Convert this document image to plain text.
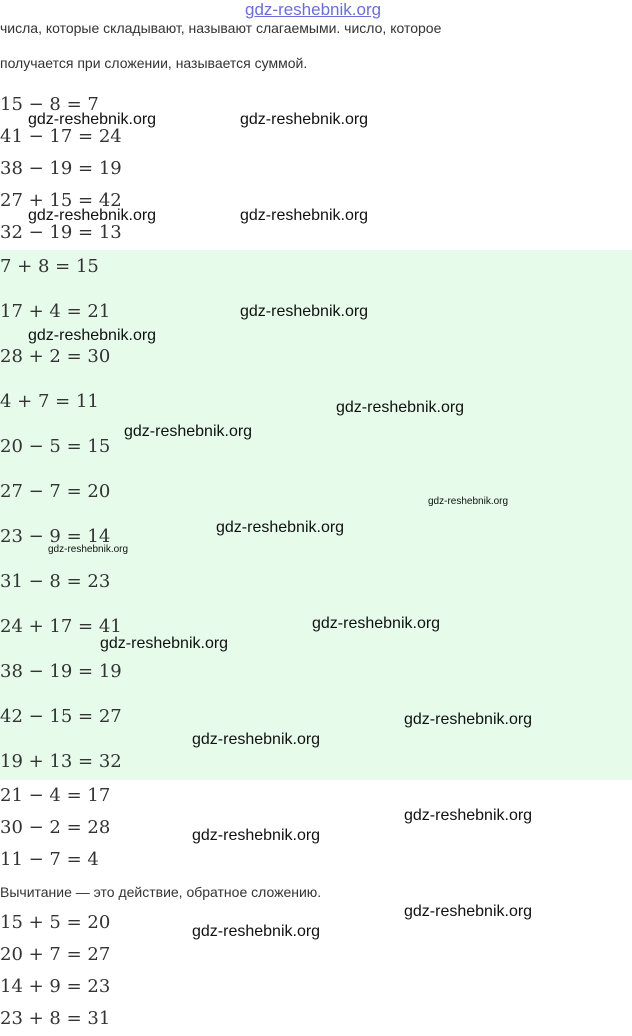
gdz-reshebnik.org
числа, которые складывают, называют слагаемыми. число, которое
получается при сложении, называется суммой.
15 − 8 = 7
41 − 17 = 24
38 − 19 = 19
27 + 15 = 42
32 − 19 = 13
7 + 8 = 15
17 + 4 = 21
28 + 2 = 30
4 + 7 = 11
20 − 5 = 15
27 − 7 = 20
23 − 9 = 14
31 − 8 = 23
24 + 17 = 41
38 − 19 = 19
42 − 15 = 27
19 + 13 = 32
21 − 4 = 17
30 − 2 = 28
11 − 7 = 4
Вычитание — это действие, обратное сложению.
15 + 5 = 20
20 + 7 = 27
14 + 9 = 23
23 + 8 = 31
gdz-reshebnik.org	gdz-reshebnik.org
gdz-reshebnik.org	gdz-reshebnik.org
gdz-reshebnik.org
gdz-reshebnik.org
gdz-reshebnik.org
gdz-reshebnik.org
gdz-reshebnik.org
gdz-reshebnik.org
gdz-reshebnik.org
gdz-reshebnik.org
gdz-reshebnik.org
gdz-reshebnik.org
gdz-reshebnik.org
gdz-reshebnik.org
gdz-reshebnik.org
gdz-reshebnik.org
gdz-reshebnik.org
